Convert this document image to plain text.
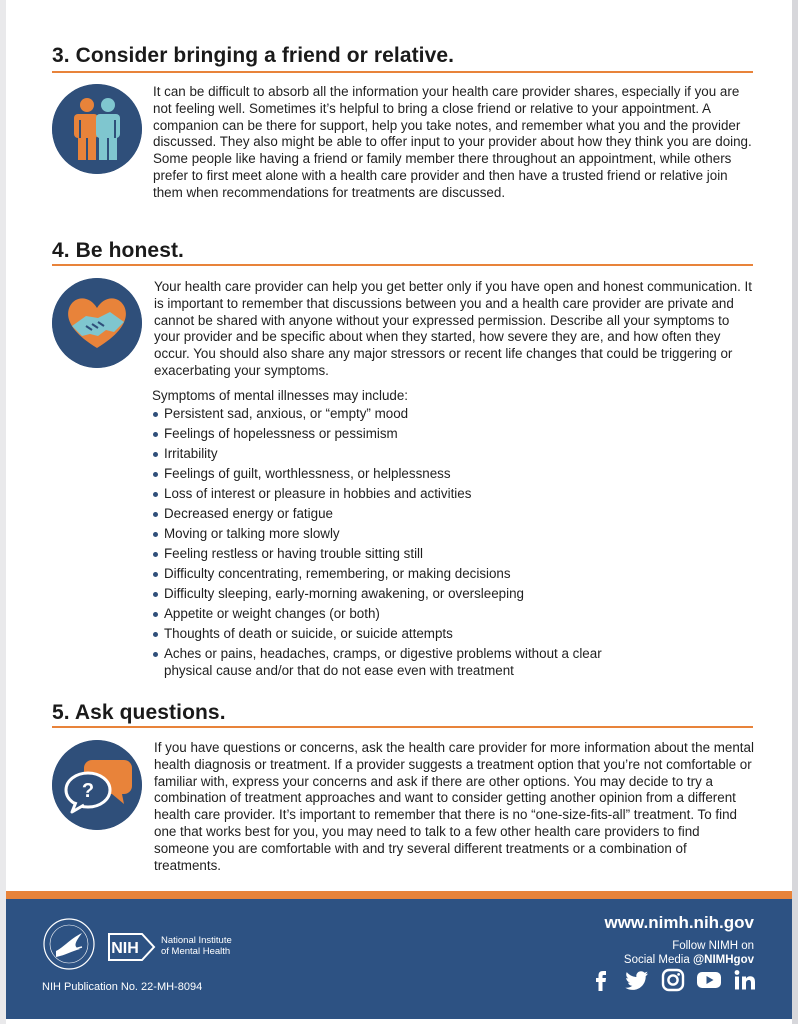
3. Consider bringing a friend or relative.
It can be difficult to absorb all the information your health care provider shares, especially if you are not feeling well. Sometimes it’s helpful to bring a close friend or relative to your appointment. A companion can be there for support, help you take notes, and remember what you and the provider discussed. They also might be able to offer input to your provider about how they think you are doing. Some people like having a friend or family member there throughout an appointment, while others prefer to first meet alone with a health care provider and then have a trusted friend or relative join them when recommendations for treatments are discussed.
4. Be honest.
Your health care provider can help you get better only if you have open and honest communication. It is important to remember that discussions between you and a health care provider are private and cannot be shared with anyone without your expressed permission. Describe all your symptoms to your provider and be specific about when they started, how severe they are, and how often they occur. You should also share any major stressors or recent life changes that could be triggering or exacerbating your symptoms.
Symptoms of mental illnesses may include:
Persistent sad, anxious, or “empty” mood
Feelings of hopelessness or pessimism
Irritability
Feelings of guilt, worthlessness, or helplessness
Loss of interest or pleasure in hobbies and activities
Decreased energy or fatigue
Moving or talking more slowly
Feeling restless or having trouble sitting still
Difficulty concentrating, remembering, or making decisions
Difficulty sleeping, early-morning awakening, or oversleeping
Appetite or weight changes (or both)
Thoughts of death or suicide, or suicide attempts
Aches or pains, headaches, cramps, or digestive problems without a clear physical cause and/or that do not ease even with treatment
5. Ask questions.
?
If you have questions or concerns, ask the health care provider for more information about the mental health diagnosis or treatment. If a provider suggests a treatment option that you’re not comfortable or familiar with, express your concerns and ask if there are other options. You may decide to try a combination of treatment approaches and want to consider getting another opinion from a different health care provider. It’s important to remember that there is no “one-size-fits-all” treatment. To find one that works best for you, you may need to talk to a few other health care providers to find someone you are comfortable with and try several different treatments or a combination of treatments.
NIH National Institute
of Mental Health
NIH Publication No. 22-MH-8094
www.nimh.nih.gov
Follow NIMH on
Social Media @NIMHgov
